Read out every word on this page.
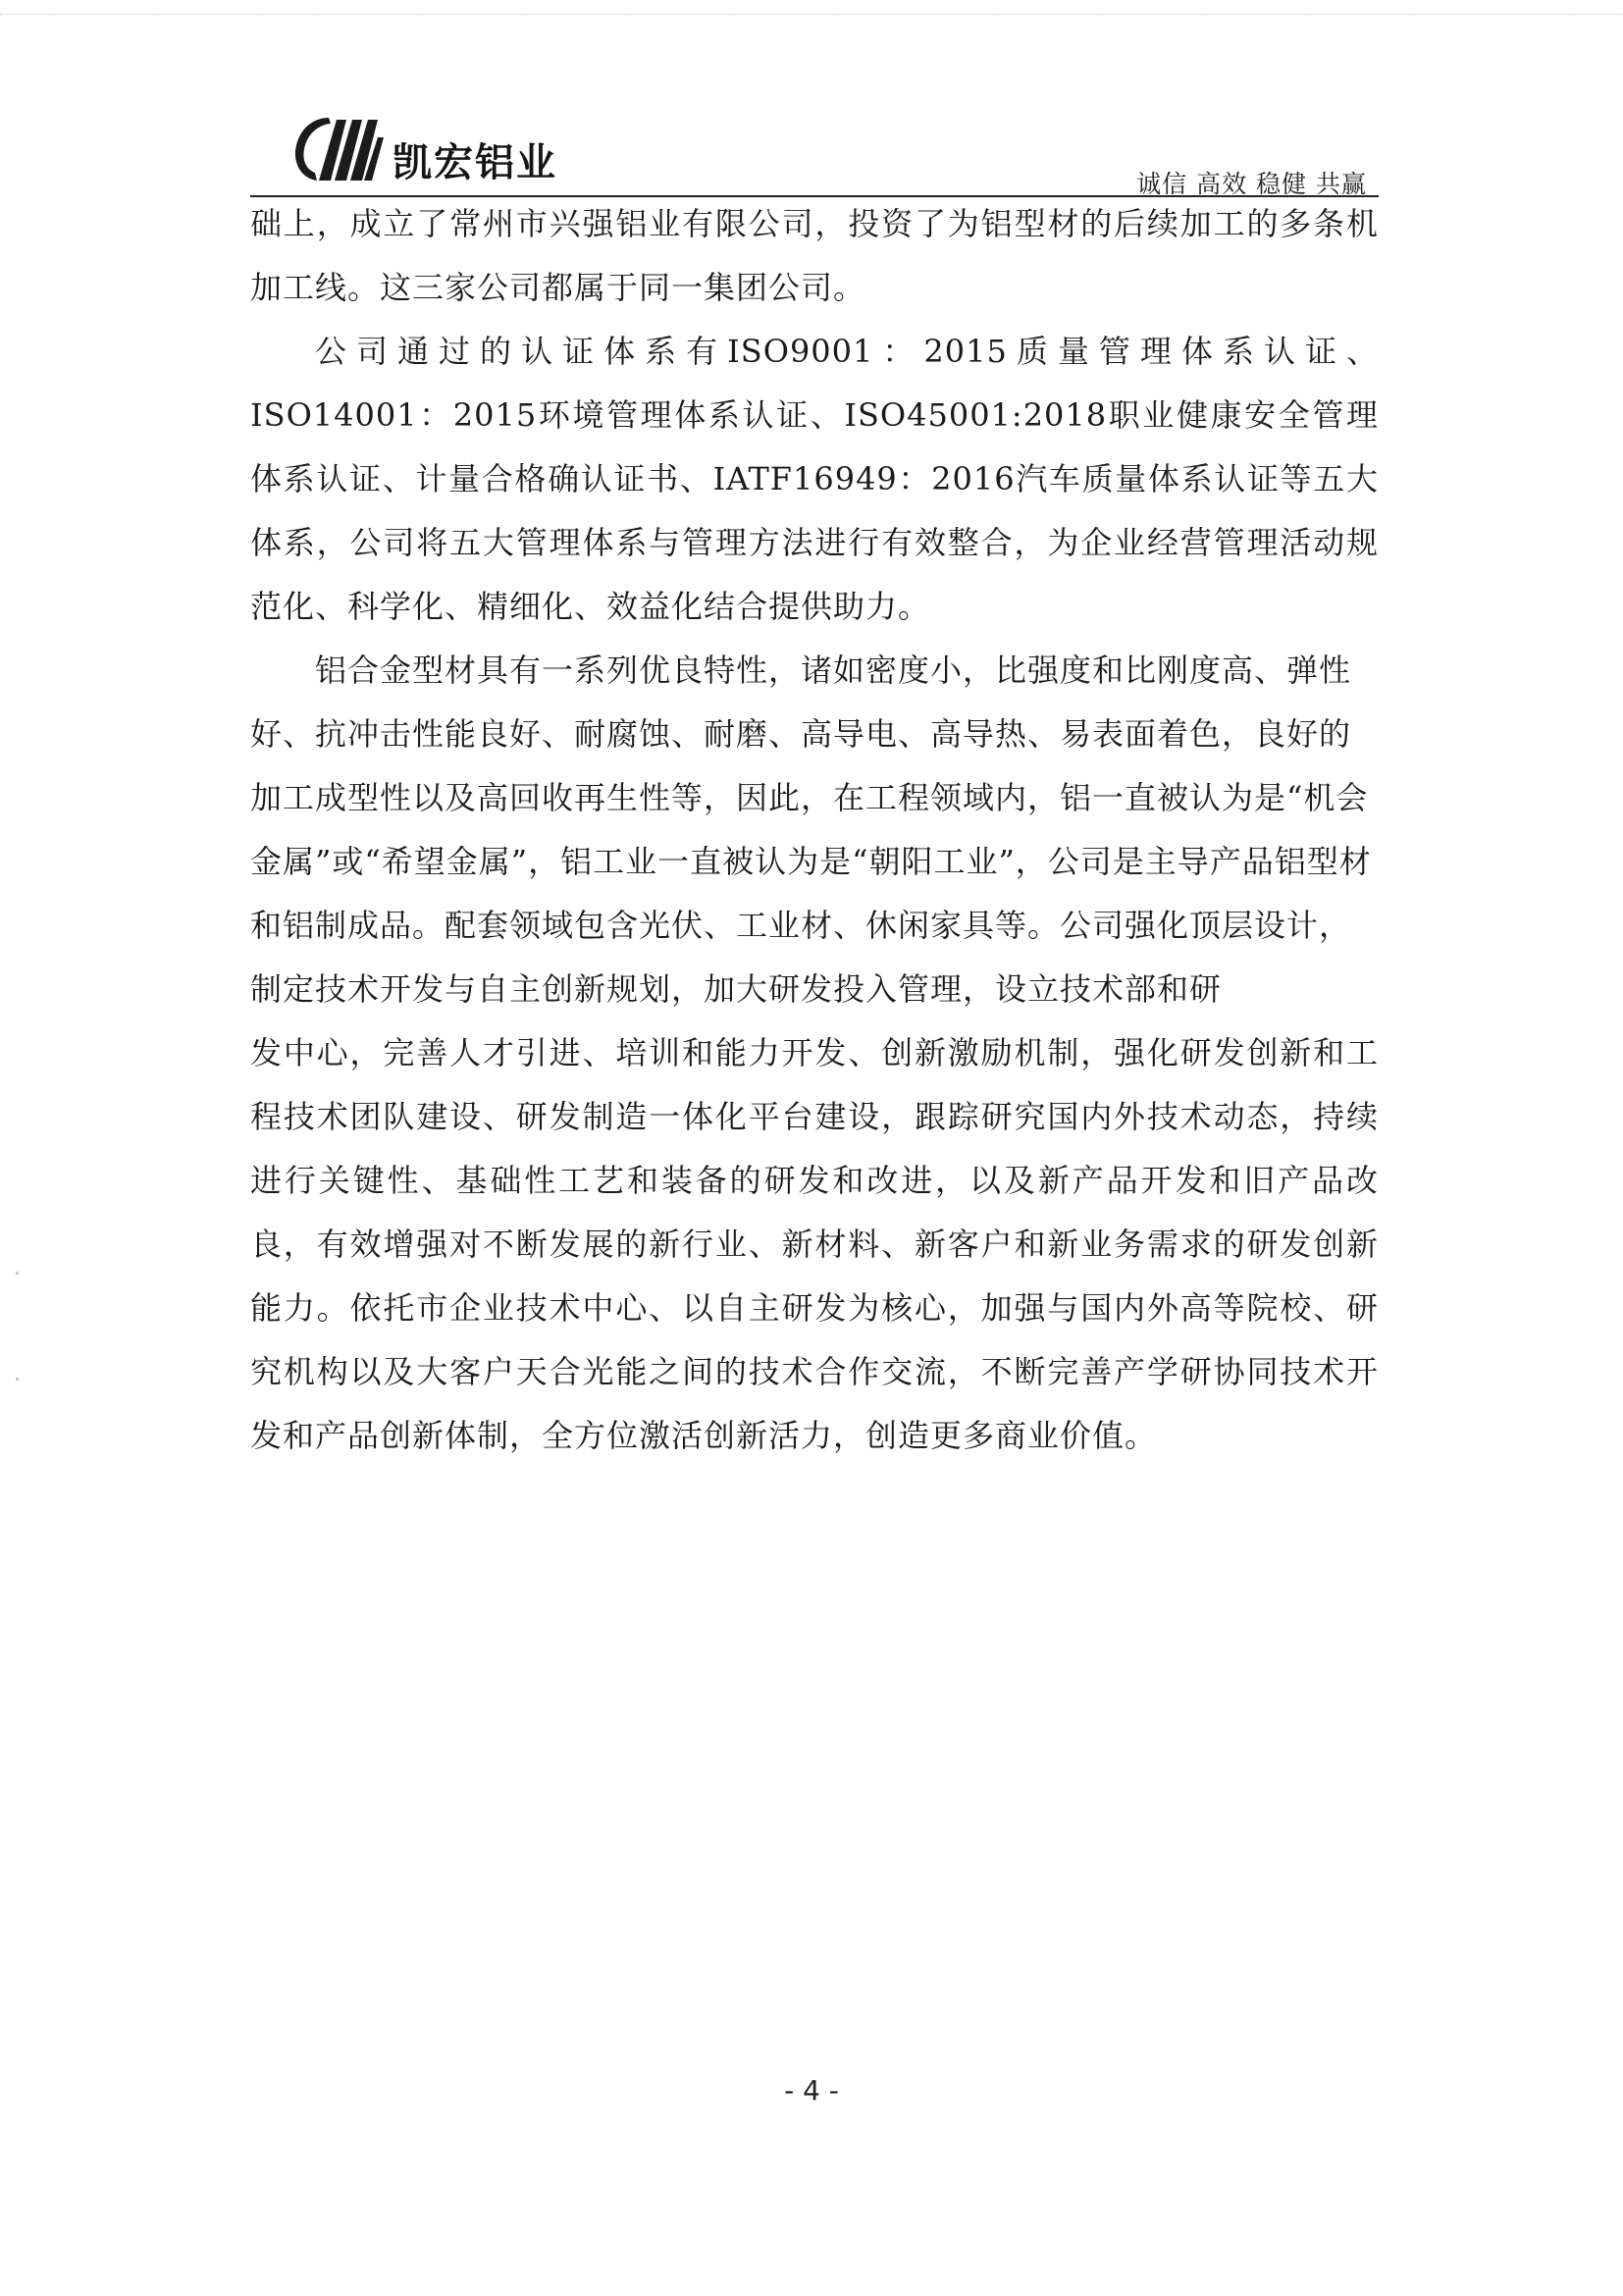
凯宏铝业	诚信 高效 稳健 共赢

础上，成立了常州市兴强铝业有限公司，投资了为铝型材的后续加工的多条机加工线。这三家公司都属于同一集团公司。

公司通过的认证体系有ISO9001：2015质量管理体系认证、ISO14001：2015环境管理体系认证、ISO45001:2018职业健康安全管理体系认证、计量合格确认证书、IATF16949：2016汽车质量体系认证等五大体系，公司将五大管理体系与管理方法进行有效整合，为企业经营管理活动规范化、科学化、精细化、效益化结合提供助力。

铝合金型材具有一系列优良特性，诸如密度小，比强度和比刚度高、弹性好、抗冲击性能良好、耐腐蚀、耐磨、高导电、高导热、易表面着色，良好的加工成型性以及高回收再生性等，因此，在工程领域内，铝一直被认为是“机会金属”或“希望金属”，铝工业一直被认为是“朝阳工业”，公司是主导产品铝型材和铝制成品。配套领域包含光伏、工业材、休闲家具等。公司强化顶层设计，制定技术开发与自主创新规划，加大研发投入管理，设立技术部和研

发中心，完善人才引进、培训和能力开发、创新激励机制，强化研发创新和工程技术团队建设、研发制造一体化平台建设，跟踪研究国内外技术动态，持续进行关键性、基础性工艺和装备的研发和改进，以及新产品开发和旧产品改良，有效增强对不断发展的新行业、新材料、新客户和新业务需求的研发创新能力。依托市企业技术中心、以自主研发为核心，加强与国内外高等院校、研究机构以及大客户天合光能之间的技术合作交流，不断完善产学研协同技术开发和产品创新体制，全方位激活创新活力，创造更多商业价值。

- 4 -
